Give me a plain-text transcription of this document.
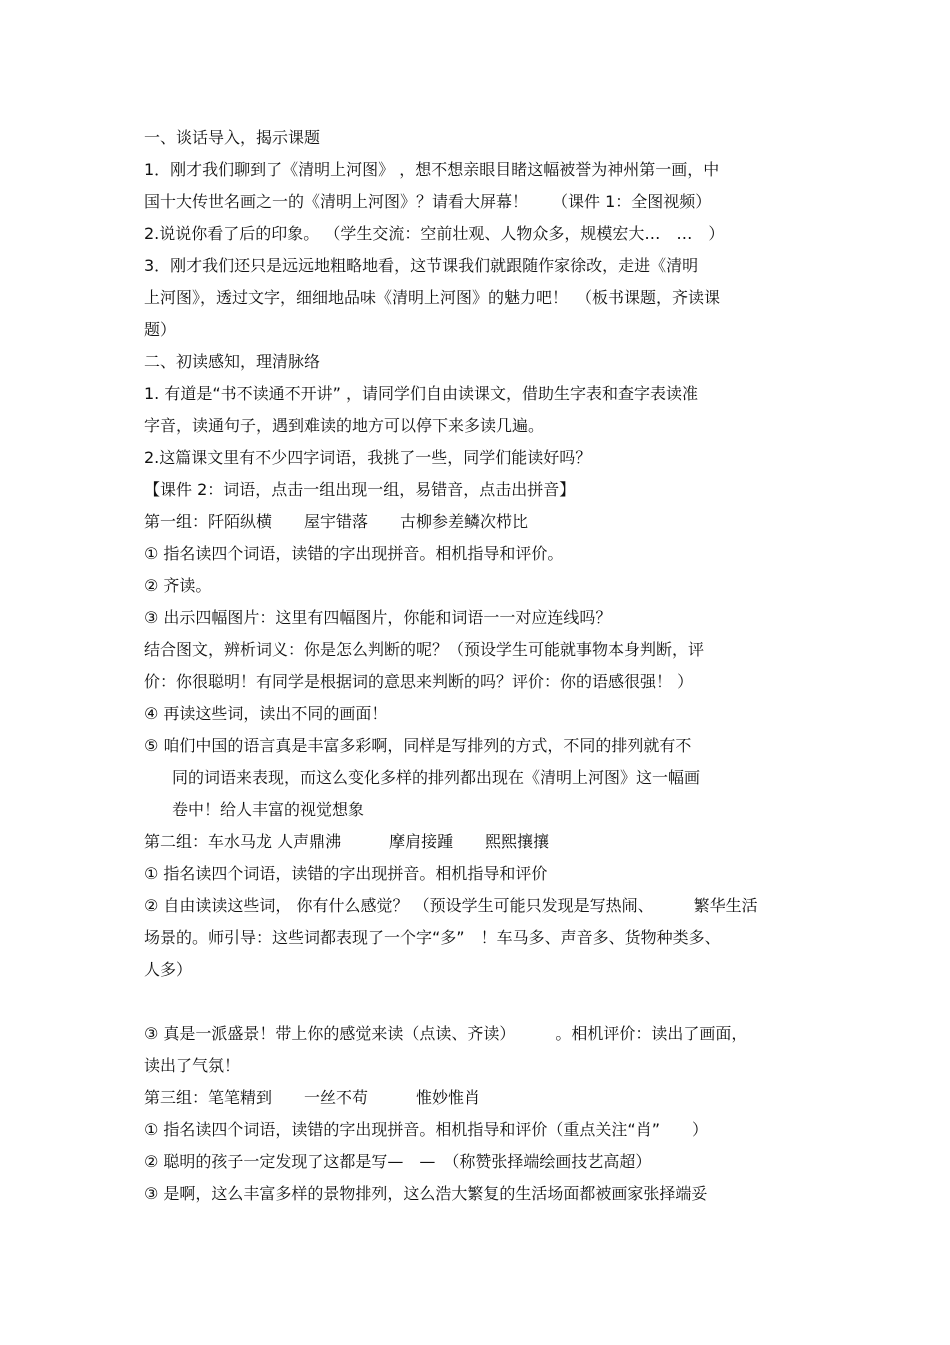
一、谈话导入，揭示课题
1．刚才我们聊到了《清明上河图》 ，想不想亲眼目睹这幅被誉为神州第一画，中
国十大传世名画之一的《清明上河图》？请看大屏幕！　　（课件 1：全图视频）
2.说说你看了后的印象。 （学生交流：空前壮观、人物众多，规模宏大…　…　）
3．刚才我们还只是远远地粗略地看，这节课我们就跟随作家徐改，走进《清明
上河图》，透过文字，细细地品味《清明上河图》的魅力吧！　（板书课题，齐读课
题）
二、初读感知，理清脉络
1. 有道是“书不读通不开讲” ，请同学们自由读课文，借助生字表和查字表读准
字音，读通句子，遇到难读的地方可以停下来多读几遍。
2.这篇课文里有不少四字词语，我挑了一些，同学们能读好吗？
【课件 2：词语，点击一组出现一组，易错音，点击出拼音】
第一组：阡陌纵横　　屋宇错落　　古柳参差鳞次栉比
① 指名读四个词语，读错的字出现拼音。相机指导和评价。
② 齐读。
③ 出示四幅图片：这里有四幅图片，你能和词语一一对应连线吗？
结合图文，辨析词义：你是怎么判断的呢？（预设学生可能就事物本身判断，评
价：你很聪明！有同学是根据词的意思来判断的吗？评价：你的语感很强！ ）
④ 再读这些词，读出不同的画面！
⑤ 咱们中国的语言真是丰富多彩啊，同样是写排列的方式，不同的排列就有不
同的词语来表现，而这么变化多样的排列都出现在《清明上河图》这一幅画
卷中！给人丰富的视觉想象
第二组：车水马龙 人声鼎沸　　　摩肩接踵　　熙熙攘攘
① 指名读四个词语，读错的字出现拼音。相机指导和评价
② 自由读读这些词， 你有什么感觉？ （预设学生可能只发现是写热闹、　　　繁华生活
场景的。师引导：这些词都表现了一个字“多”　！车马多、声音多、货物种类多、
人多）
③ 真是一派盛景！带上你的感觉来读（点读、齐读）　　　。相机评价：读出了画面，
读出了气氛！
第三组：笔笔精到　　一丝不苟　　　惟妙惟肖
① 指名读四个词语，读错的字出现拼音。相机指导和评价（重点关注“肖”　　）
② 聪明的孩子一定发现了这都是写—　—　（称赞张择端绘画技艺高超）
③ 是啊，这么丰富多样的景物排列，这么浩大繁复的生活场面都被画家张择端妥
